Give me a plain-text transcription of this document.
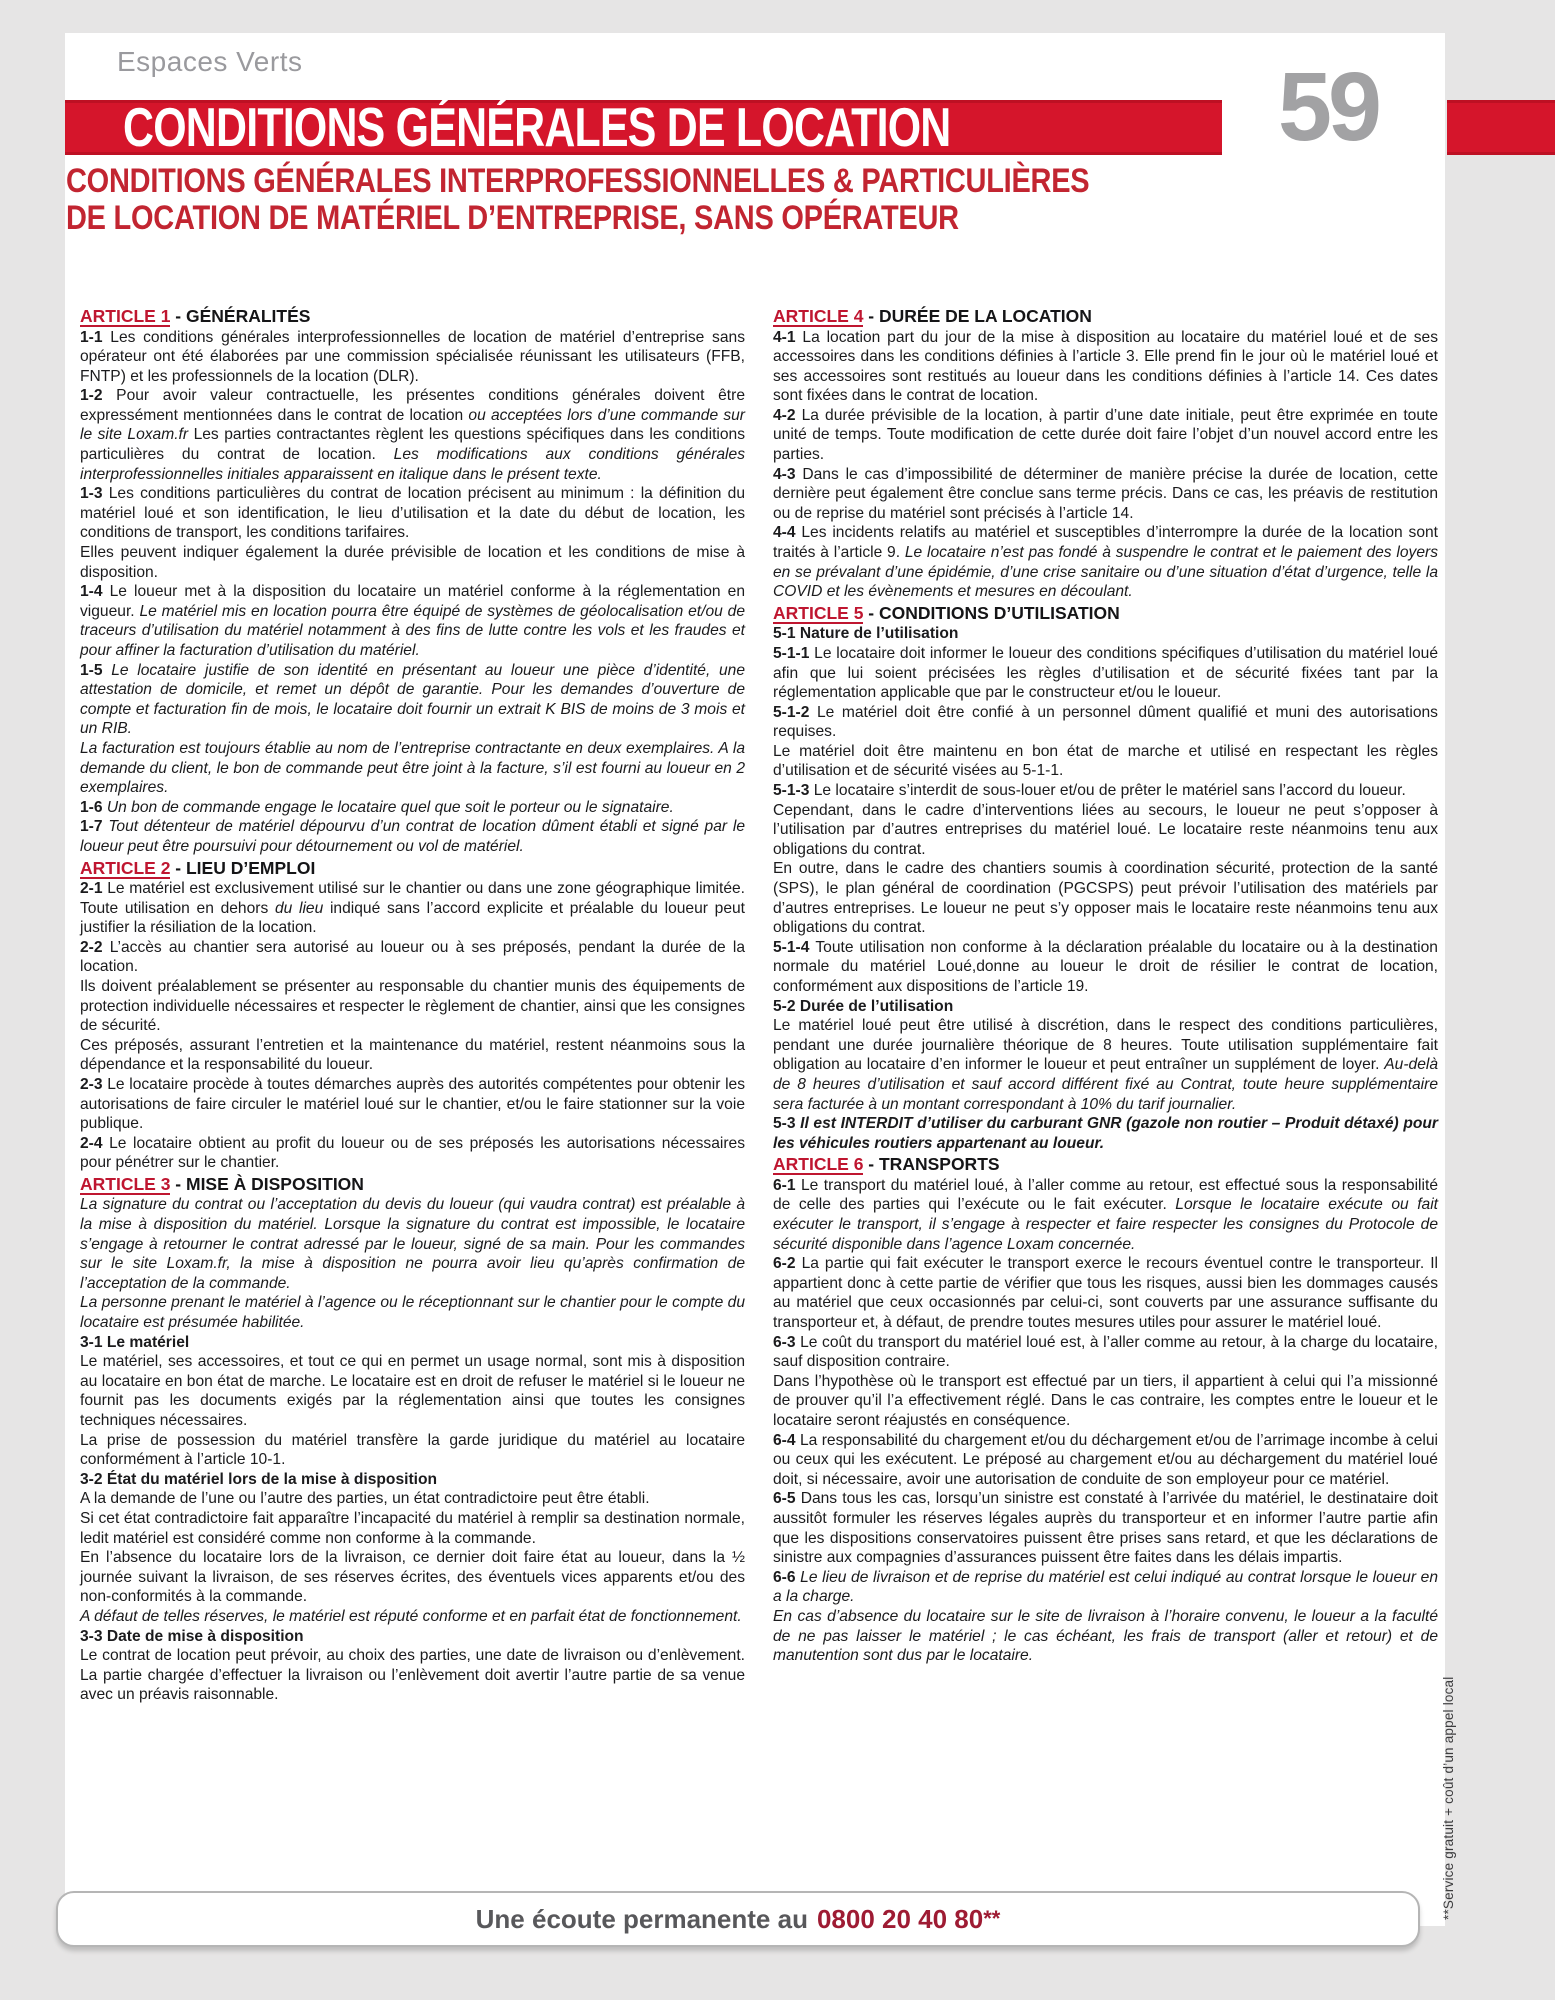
Espaces Verts
CONDITIONS GÉNÉRALES DE LOCATION	59
CONDITIONS GÉNÉRALES INTERPROFESSIONNELLES & PARTICULIÈRES
DE LOCATION DE MATÉRIEL D’ENTREPRISE, SANS OPÉRATEUR
ARTICLE 1 - GÉNÉRALITÉS

1-1 Les conditions générales interprofessionnelles de location de matériel d’entreprise sans opérateur ont été élaborées par une commission spécialisée réunissant les utilisateurs (FFB, FNTP) et les professionnels de la location (DLR).

1-2 Pour avoir valeur contractuelle, les présentes conditions générales doivent être expressément mentionnées dans le contrat de location ou acceptées lors d’une commande sur le site Loxam.fr Les parties contractantes règlent les questions spécifiques dans les conditions particulières du contrat de location. Les modifications aux conditions générales interprofessionnelles initiales apparaissent en italique dans le présent texte.

1-3 Les conditions particulières du contrat de location précisent au minimum : la définition du matériel loué et son identification, le lieu d’utilisation et la date du début de location, les conditions de transport, les conditions tarifaires.

Elles peuvent indiquer également la durée prévisible de location et les conditions de mise à disposition.

1-4 Le loueur met à la disposition du locataire un matériel conforme à la réglementation en vigueur. Le matériel mis en location pourra être équipé de systèmes de géolocalisation et/ou de traceurs d’utilisation du matériel notamment à des fins de lutte contre les vols et les fraudes et pour affiner la facturation d’utilisation du matériel.

1-5 Le locataire justifie de son identité en présentant au loueur une pièce d’identité, une attestation de domicile, et remet un dépôt de garantie. Pour les demandes d’ouverture de compte et facturation fin de mois, le locataire doit fournir un extrait K BIS de moins de 3 mois et un RIB.

La facturation est toujours établie au nom de l’entreprise contractante en deux exemplaires. A la demande du client, le bon de commande peut être joint à la facture, s’il est fourni au loueur en 2 exemplaires.

1-6 Un bon de commande engage le locataire quel que soit le porteur ou le signataire.

1-7 Tout détenteur de matériel dépourvu d’un contrat de location dûment établi et signé par le loueur peut être poursuivi pour détournement ou vol de matériel.

ARTICLE 2 - LIEU D’EMPLOI

2-1 Le matériel est exclusivement utilisé sur le chantier ou dans une zone géographique limitée. Toute utilisation en dehors du lieu indiqué sans l’accord explicite et préalable du loueur peut justifier la résiliation de la location.

2-2 L’accès au chantier sera autorisé au loueur ou à ses préposés, pendant la durée de la location.

Ils doivent préalablement se présenter au responsable du chantier munis des équipements de protection individuelle nécessaires et respecter le règlement de chantier, ainsi que les consignes de sécurité.

Ces préposés, assurant l’entretien et la maintenance du matériel, restent néanmoins sous la dépendance et la responsabilité du loueur.

2-3 Le locataire procède à toutes démarches auprès des autorités compétentes pour obtenir les autorisations de faire circuler le matériel loué sur le chantier, et/ou le faire stationner sur la voie publique.

2-4 Le locataire obtient au profit du loueur ou de ses préposés les autorisations nécessaires pour pénétrer sur le chantier.

ARTICLE 3 - MISE À DISPOSITION

La signature du contrat ou l’acceptation du devis du loueur (qui vaudra contrat) est préalable à la mise à disposition du matériel. Lorsque la signature du contrat est impossible, le locataire s’engage à retourner le contrat adressé par le loueur, signé de sa main. Pour les commandes sur le site Loxam.fr, la mise à disposition ne pourra avoir lieu qu’après confirmation de l’acceptation de la commande.

La personne prenant le matériel à l’agence ou le réceptionnant sur le chantier pour le compte du locataire est présumée habilitée.

3-1 Le matériel

Le matériel, ses accessoires, et tout ce qui en permet un usage normal, sont mis à disposition au locataire en bon état de marche. Le locataire est en droit de refuser le matériel si le loueur ne fournit pas les documents exigés par la réglementation ainsi que toutes les consignes techniques nécessaires.

La prise de possession du matériel transfère la garde juridique du matériel au locataire conformément à l’article 10-1.

3-2 État du matériel lors de la mise à disposition

A la demande de l’une ou l’autre des parties, un état contradictoire peut être établi.

Si cet état contradictoire fait apparaître l’incapacité du matériel à remplir sa destination normale, ledit matériel est considéré comme non conforme à la commande.

En l’absence du locataire lors de la livraison, ce dernier doit faire état au loueur, dans la ½ journée suivant la livraison, de ses réserves écrites, des éventuels vices apparents et/ou des non-conformités à la commande.

A défaut de telles réserves, le matériel est réputé conforme et en parfait état de fonctionnement.

3-3 Date de mise à disposition

Le contrat de location peut prévoir, au choix des parties, une date de livraison ou d’enlèvement. La partie chargée d’effectuer la livraison ou l’enlèvement doit avertir l’autre partie de sa venue avec un préavis raisonnable.

ARTICLE 4 - DURÉE DE LA LOCATION

4-1 La location part du jour de la mise à disposition au locataire du matériel loué et de ses accessoires dans les conditions définies à l’article 3. Elle prend fin le jour où le matériel loué et ses accessoires sont restitués au loueur dans les conditions définies à l’article 14. Ces dates sont fixées dans le contrat de location.

4-2 La durée prévisible de la location, à partir d’une date initiale, peut être exprimée en toute unité de temps. Toute modification de cette durée doit faire l’objet d’un nouvel accord entre les parties.

4-3 Dans le cas d’impossibilité de déterminer de manière précise la durée de location, cette dernière peut également être conclue sans terme précis. Dans ce cas, les préavis de restitution ou de reprise du matériel sont précisés à l’article 14.

4-4 Les incidents relatifs au matériel et susceptibles d’interrompre la durée de la location sont traités à l’article 9. Le locataire n’est pas fondé à suspendre le contrat et le paiement des loyers en se prévalant d’une épidémie, d’une crise sanitaire ou d’une situation d’état d’urgence, telle la COVID et les évènements et mesures en découlant.

ARTICLE 5 - CONDITIONS D’UTILISATION
5-1 Nature de l’utilisation

5-1-1 Le locataire doit informer le loueur des conditions spécifiques d’utilisation du matériel loué afin que lui soient précisées les règles d’utilisation et de sécurité fixées tant par la réglementation applicable que par le constructeur et/ou le loueur.

5-1-2 Le matériel doit être confié à un personnel dûment qualifié et muni des autorisations requises.

Le matériel doit être maintenu en bon état de marche et utilisé en respectant les règles d’utilisation et de sécurité visées au 5-1-1.

5-1-3 Le locataire s’interdit de sous-louer et/ou de prêter le matériel sans l’accord du loueur.

Cependant, dans le cadre d’interventions liées au secours, le loueur ne peut s’opposer à l’utilisation par d’autres entreprises du matériel loué. Le locataire reste néanmoins tenu aux obligations du contrat.

En outre, dans le cadre des chantiers soumis à coordination sécurité, protection de la santé (SPS), le plan général de coordination (PGCSPS) peut prévoir l’utilisation des matériels par d’autres entreprises. Le loueur ne peut s’y opposer mais le locataire reste néanmoins tenu aux obligations du contrat.

5-1-4 Toute utilisation non conforme à la déclaration préalable du locataire ou à la destination normale du matériel Loué,donne au loueur le droit de résilier le contrat de location, conformément aux dispositions de l’article 19.

5-2 Durée de l’utilisation

Le matériel loué peut être utilisé à discrétion, dans le respect des conditions particulières, pendant une durée journalière théorique de 8 heures. Toute utilisation supplémentaire fait obligation au locataire d’en informer le loueur et peut entraîner un supplément de loyer. Au-delà de 8 heures d’utilisation et sauf accord différent fixé au Contrat, toute heure supplémentaire sera facturée à un montant correspondant à 10% du tarif journalier.

5-3 Il est INTERDIT d’utiliser du carburant GNR (gazole non routier – Produit détaxé) pour les véhicules routiers appartenant au loueur.

ARTICLE 6 - TRANSPORTS

6-1 Le transport du matériel loué, à l’aller comme au retour, est effectué sous la responsabilité de celle des parties qui l’exécute ou le fait exécuter. Lorsque le locataire exécute ou fait exécuter le transport, il s’engage à respecter et faire respecter les consignes du Protocole de sécurité disponible dans l’agence Loxam concernée.

6-2 La partie qui fait exécuter le transport exerce le recours éventuel contre le transporteur. Il appartient donc à cette partie de vérifier que tous les risques, aussi bien les dommages causés au matériel que ceux occasionnés par celui-ci, sont couverts par une assurance suffisante du transporteur et, à défaut, de prendre toutes mesures utiles pour assurer le matériel loué.

6-3 Le coût du transport du matériel loué est, à l’aller comme au retour, à la charge du locataire, sauf disposition contraire.

Dans l’hypothèse où le transport est effectué par un tiers, il appartient à celui qui l’a missionné de prouver qu’il l’a effectivement réglé. Dans le cas contraire, les comptes entre le loueur et le locataire seront réajustés en conséquence.

6-4 La responsabilité du chargement et/ou du déchargement et/ou de l’arrimage incombe à celui ou ceux qui les exécutent. Le préposé au chargement et/ou au déchargement du matériel loué doit, si nécessaire, avoir une autorisation de conduite de son employeur pour ce matériel.

6-5 Dans tous les cas, lorsqu’un sinistre est constaté à l’arrivée du matériel, le destinataire doit aussitôt formuler les réserves légales auprès du transporteur et en informer l’autre partie afin que les dispositions conservatoires puissent être prises sans retard, et que les déclarations de sinistre aux compagnies d’assurances puissent être faites dans les délais impartis.

6-6 Le lieu de livraison et de reprise du matériel est celui indiqué au contrat lorsque le loueur en a la charge.

En cas d’absence du locataire sur le site de livraison à l’horaire convenu, le loueur a la faculté de ne pas laisser le matériel ; le cas échéant, les frais de transport (aller et retour) et de manutention sont dus par le locataire.

Une écoute permanente au 0800 20 40 80 **	**Service gratuit + coût d’un appel local
